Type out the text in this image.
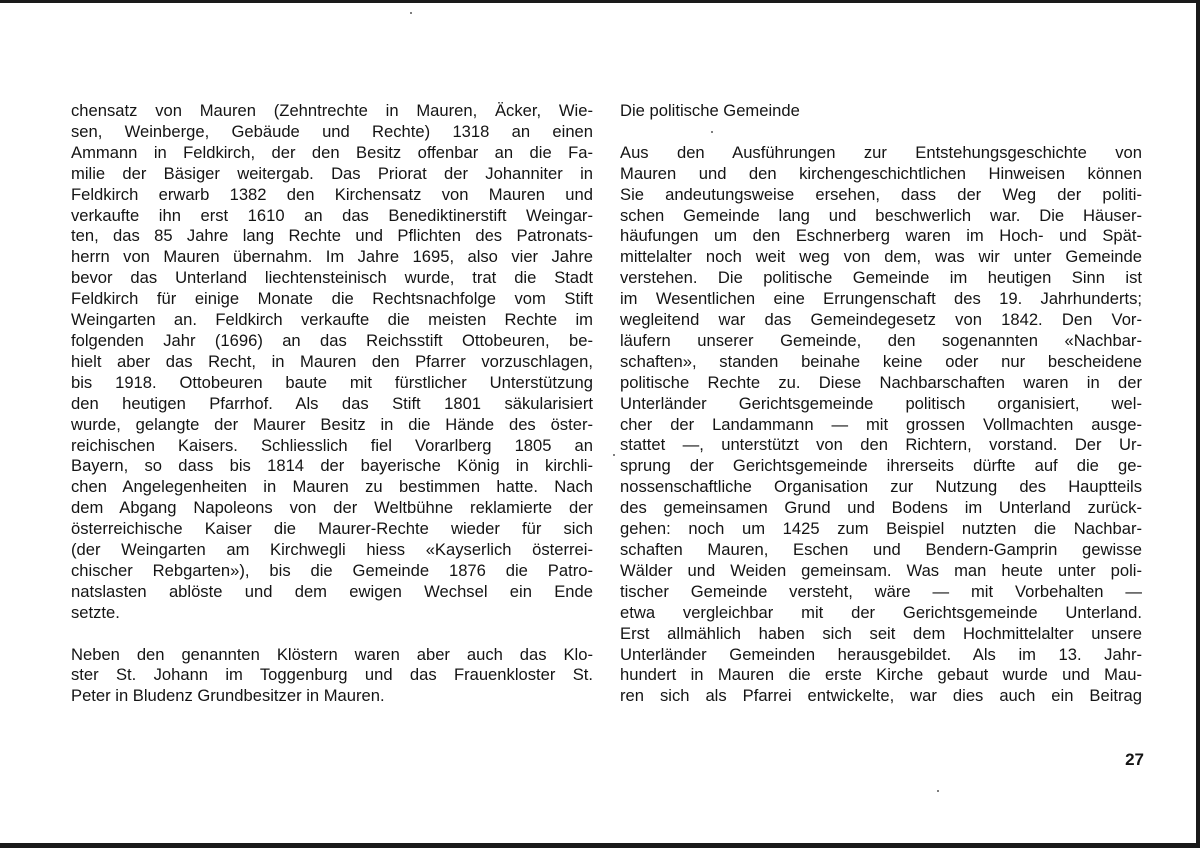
chensatz von Mauren (Zehntrechte in Mauren, Äcker, Wie-

sen, Weinberge, Gebäude und Rechte) 1318 an einen

Ammann in Feldkirch, der den Besitz offenbar an die Fa-

milie der Bäsiger weitergab. Das Priorat der Johanniter in

Feldkirch erwarb 1382 den Kirchensatz von Mauren und

verkaufte ihn erst 1610 an das Benediktinerstift Weingar-

ten, das 85 Jahre lang Rechte und Pflichten des Patronats-

herrn von Mauren übernahm. Im Jahre 1695, also vier Jahre

bevor das Unterland liechtensteinisch wurde, trat die Stadt

Feldkirch für einige Monate die Rechtsnachfolge vom Stift

Weingarten an. Feldkirch verkaufte die meisten Rechte im

folgenden Jahr (1696) an das Reichsstift Ottobeuren, be-

hielt aber das Recht, in Mauren den Pfarrer vorzuschlagen,

bis 1918. Ottobeuren baute mit fürstlicher Unterstützung

den heutigen Pfarrhof. Als das Stift 1801 säkularisiert

wurde, gelangte der Maurer Besitz in die Hände des öster-

reichischen Kaisers. Schliesslich fiel Vorarlberg 1805 an

Bayern, so dass bis 1814 der bayerische König in kirchli-

chen Angelegenheiten in Mauren zu bestimmen hatte. Nach

dem Abgang Napoleons von der Weltbühne reklamierte der

österreichische Kaiser die Maurer-Rechte wieder für sich

(der Weingarten am Kirchwegli hiess «Kayserlich österrei-

chischer Rebgarten»), bis die Gemeinde 1876 die Patro-

natslasten ablöste und dem ewigen Wechsel ein Ende

setzte.

Neben den genannten Klöstern waren aber auch das Klo-

ster St. Johann im Toggenburg und das Frauenkloster St.

Peter in Bludenz Grundbesitzer in Mauren.

Die politische Gemeinde

Aus den Ausführungen zur Entstehungsgeschichte von

Mauren und den kirchengeschichtlichen Hinweisen können

Sie andeutungsweise ersehen, dass der Weg der politi-

schen Gemeinde lang und beschwerlich war. Die Häuser-

häufungen um den Eschnerberg waren im Hoch- und Spät-

mittelalter noch weit weg von dem, was wir unter Gemeinde

verstehen. Die politische Gemeinde im heutigen Sinn ist

im Wesentlichen eine Errungenschaft des 19. Jahrhunderts;

wegleitend war das Gemeindegesetz von 1842. Den Vor-

läufern unserer Gemeinde, den sogenannten «Nachbar-

schaften», standen beinahe keine oder nur bescheidene

politische Rechte zu. Diese Nachbarschaften waren in der

Unterländer Gerichtsgemeinde politisch organisiert, wel-

cher der Landammann — mit grossen Vollmachten ausge-

stattet —, unterstützt von den Richtern, vorstand. Der Ur-

sprung der Gerichtsgemeinde ihrerseits dürfte auf die ge-

nossenschaftliche Organisation zur Nutzung des Hauptteils

des gemeinsamen Grund und Bodens im Unterland zurück-

gehen: noch um 1425 zum Beispiel nutzten die Nachbar-

schaften Mauren, Eschen und Bendern-Gamprin gewisse

Wälder und Weiden gemeinsam. Was man heute unter poli-

tischer Gemeinde versteht, wäre — mit Vorbehalten —

etwa vergleichbar mit der Gerichtsgemeinde Unterland.

Erst allmählich haben sich seit dem Hochmittelalter unsere

Unterländer Gemeinden herausgebildet. Als im 13. Jahr-

hundert in Mauren die erste Kirche gebaut wurde und Mau-

ren sich als Pfarrei entwickelte, war dies auch ein Beitrag

27
